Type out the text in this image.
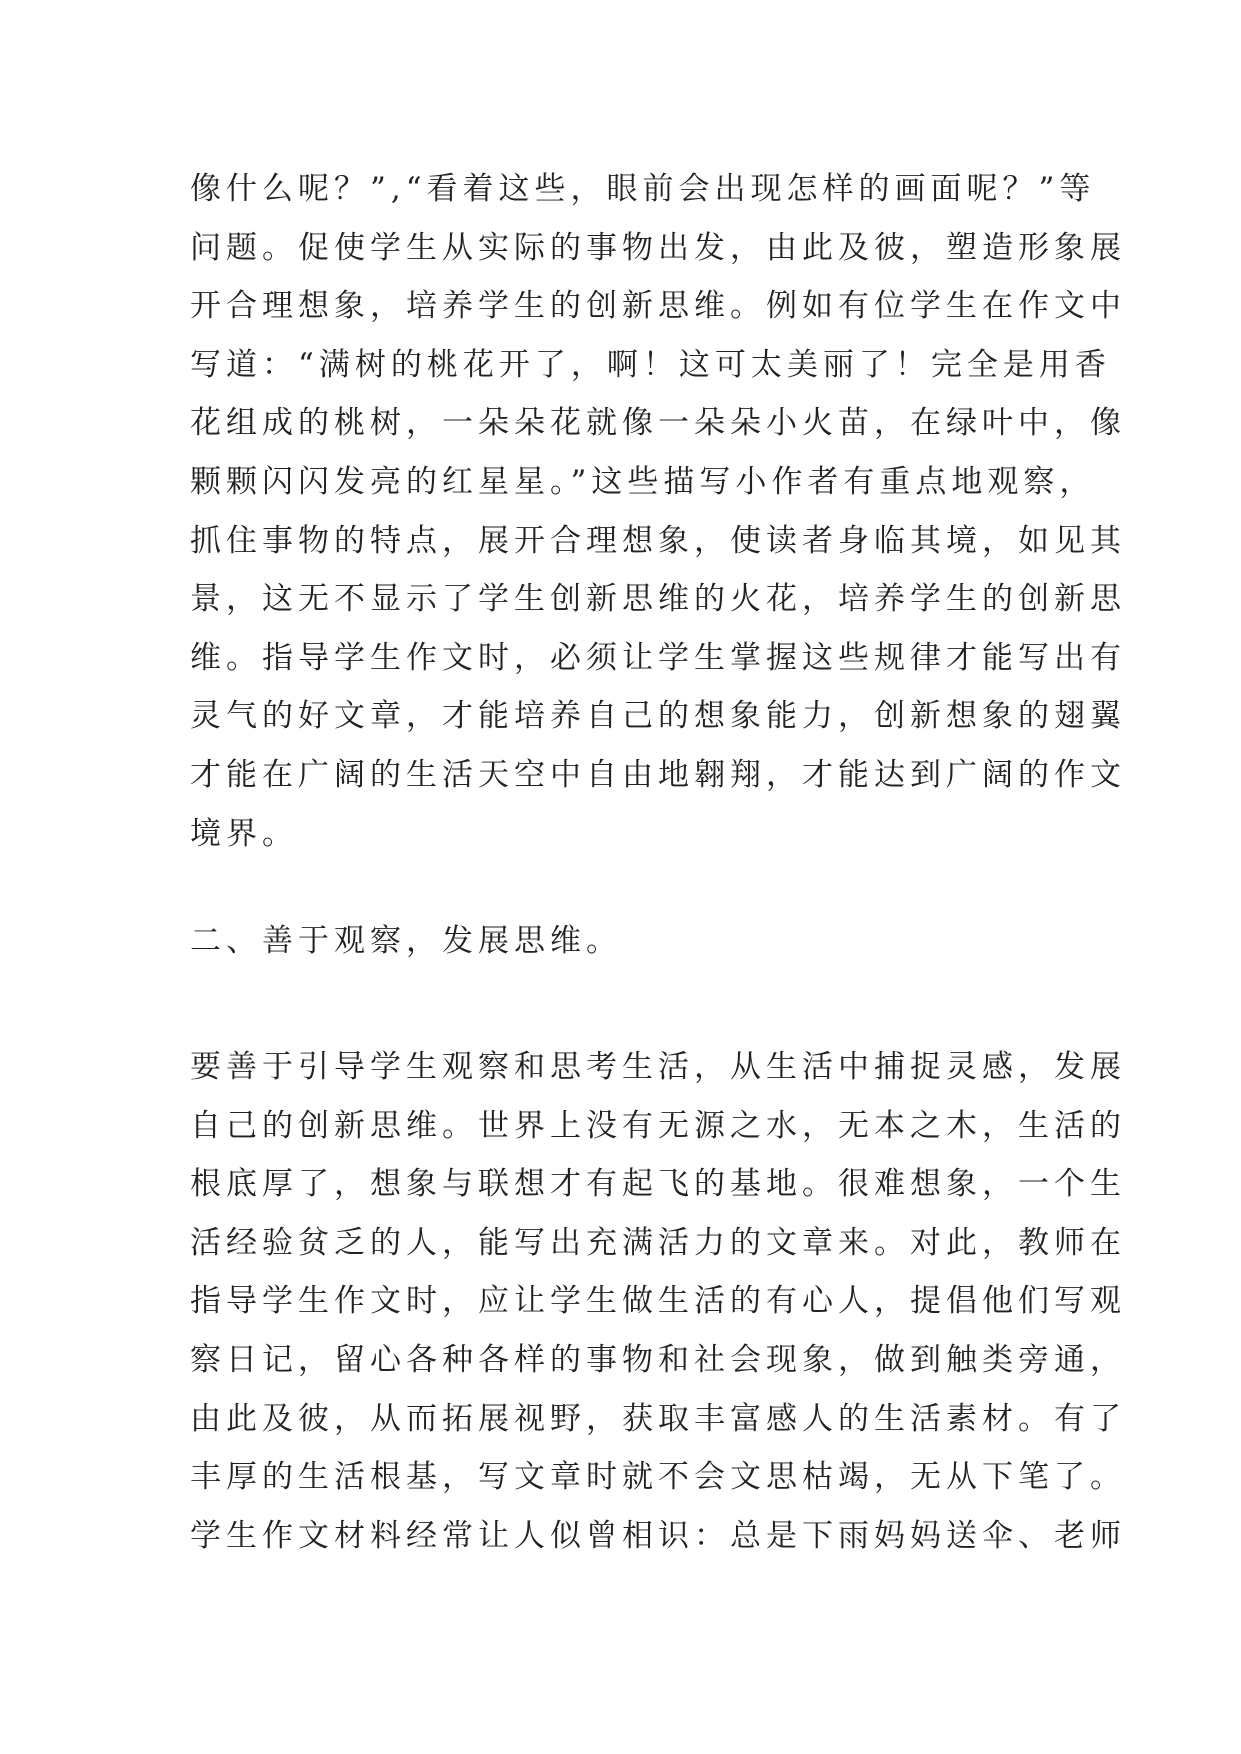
像什么呢？”,“看着这些，眼前会出现怎样的画面呢？”等
问题。促使学生从实际的事物出发，由此及彼，塑造形象展
开合理想象，培养学生的创新思维。例如有位学生在作文中
写道：“满树的桃花开了，啊！这可太美丽了！完全是用香
花组成的桃树，一朵朵花就像一朵朵小火苗，在绿叶中，像
颗颗闪闪发亮的红星星。”这些描写小作者有重点地观察，
抓住事物的特点，展开合理想象，使读者身临其境，如见其
景，这无不显示了学生创新思维的火花，培养学生的创新思
维。指导学生作文时，必须让学生掌握这些规律才能写出有
灵气的好文章，才能培养自己的想象能力，创新想象的翅翼
才能在广阔的生活天空中自由地翱翔，才能达到广阔的作文
境界。
二、善于观察，发展思维。
要善于引导学生观察和思考生活，从生活中捕捉灵感，发展
自己的创新思维。世界上没有无源之水，无本之木，生活的
根底厚了，想象与联想才有起飞的基地。很难想象，一个生
活经验贫乏的人，能写出充满活力的文章来。对此，教师在
指导学生作文时，应让学生做生活的有心人，提倡他们写观
察日记，留心各种各样的事物和社会现象，做到触类旁通，
由此及彼，从而拓展视野，获取丰富感人的生活素材。有了
丰厚的生活根基，写文章时就不会文思枯竭，无从下笔了。
学生作文材料经常让人似曾相识：总是下雨妈妈送伞、老师
